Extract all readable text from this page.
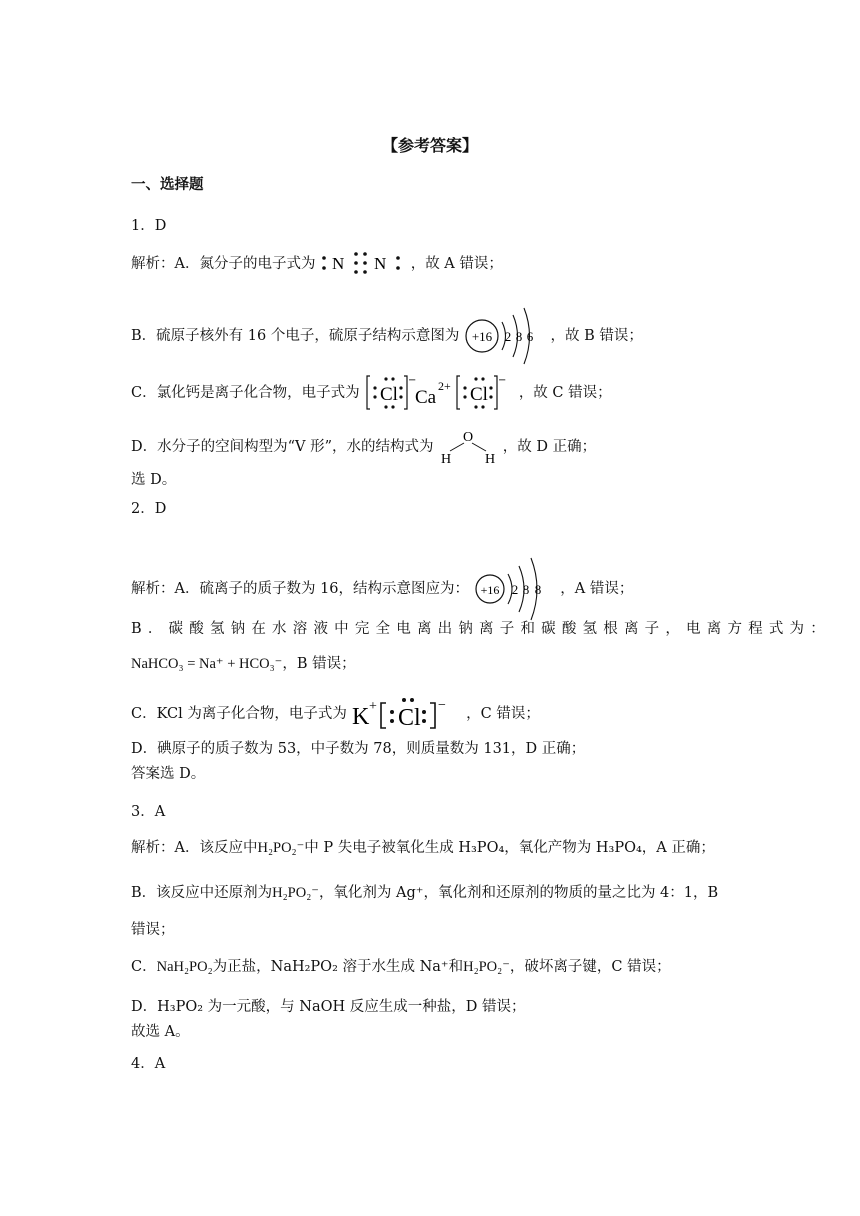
【参考答案】
一、选择题
1．D
解析：A．氮分子的电子式为 N N ，故 A 错误；
B．硫原子核外有 16 个电子，硫原子结构示意图为 +16 2 8 6 ，故 B 错误；
C．氯化钙是离子化合物，电子式为 Cl
−
Ca
2+ Cl
−
，故 C 错误；
D．水分子的空间构型为“V 形”，水的结构式为
O
H H
，故 D 正确；
选 D。
2．D
解析：A．硫离子的质子数为 16，结构示意图应为： +16 2 8 8 ，A 错误；
B．碳酸氢钠在水溶液中完全电离出钠离子和碳酸氢根离子，电离方程式为：
NaHCO₃ = Na⁺ + HCO₃⁻，B 错误；
C．KCl 为离子化合物，电子式为 K + Cl −
，C 错误；
D．碘原子的质子数为 53，中子数为 78，则质量数为 131，D 正确；
答案选 D。
3．A
解析：A．该反应中H₂PO₂⁻中 P 失电子被氧化生成 H₃PO₄，氧化产物为 H₃PO₄，A 正确；
B．该反应中还原剂为H₂PO₂⁻，氧化剂为 Ag⁺，氧化剂和还原剂的物质的量之比为 4：1，B
错误；
C．NaH₂PO₂为正盐，NaH₂PO₂ 溶于水生成 Na⁺和H₂PO₂⁻，破坏离子键，C 错误；
D．H₃PO₂ 为一元酸，与 NaOH 反应生成一种盐，D 错误；
故选 A。
4．A
